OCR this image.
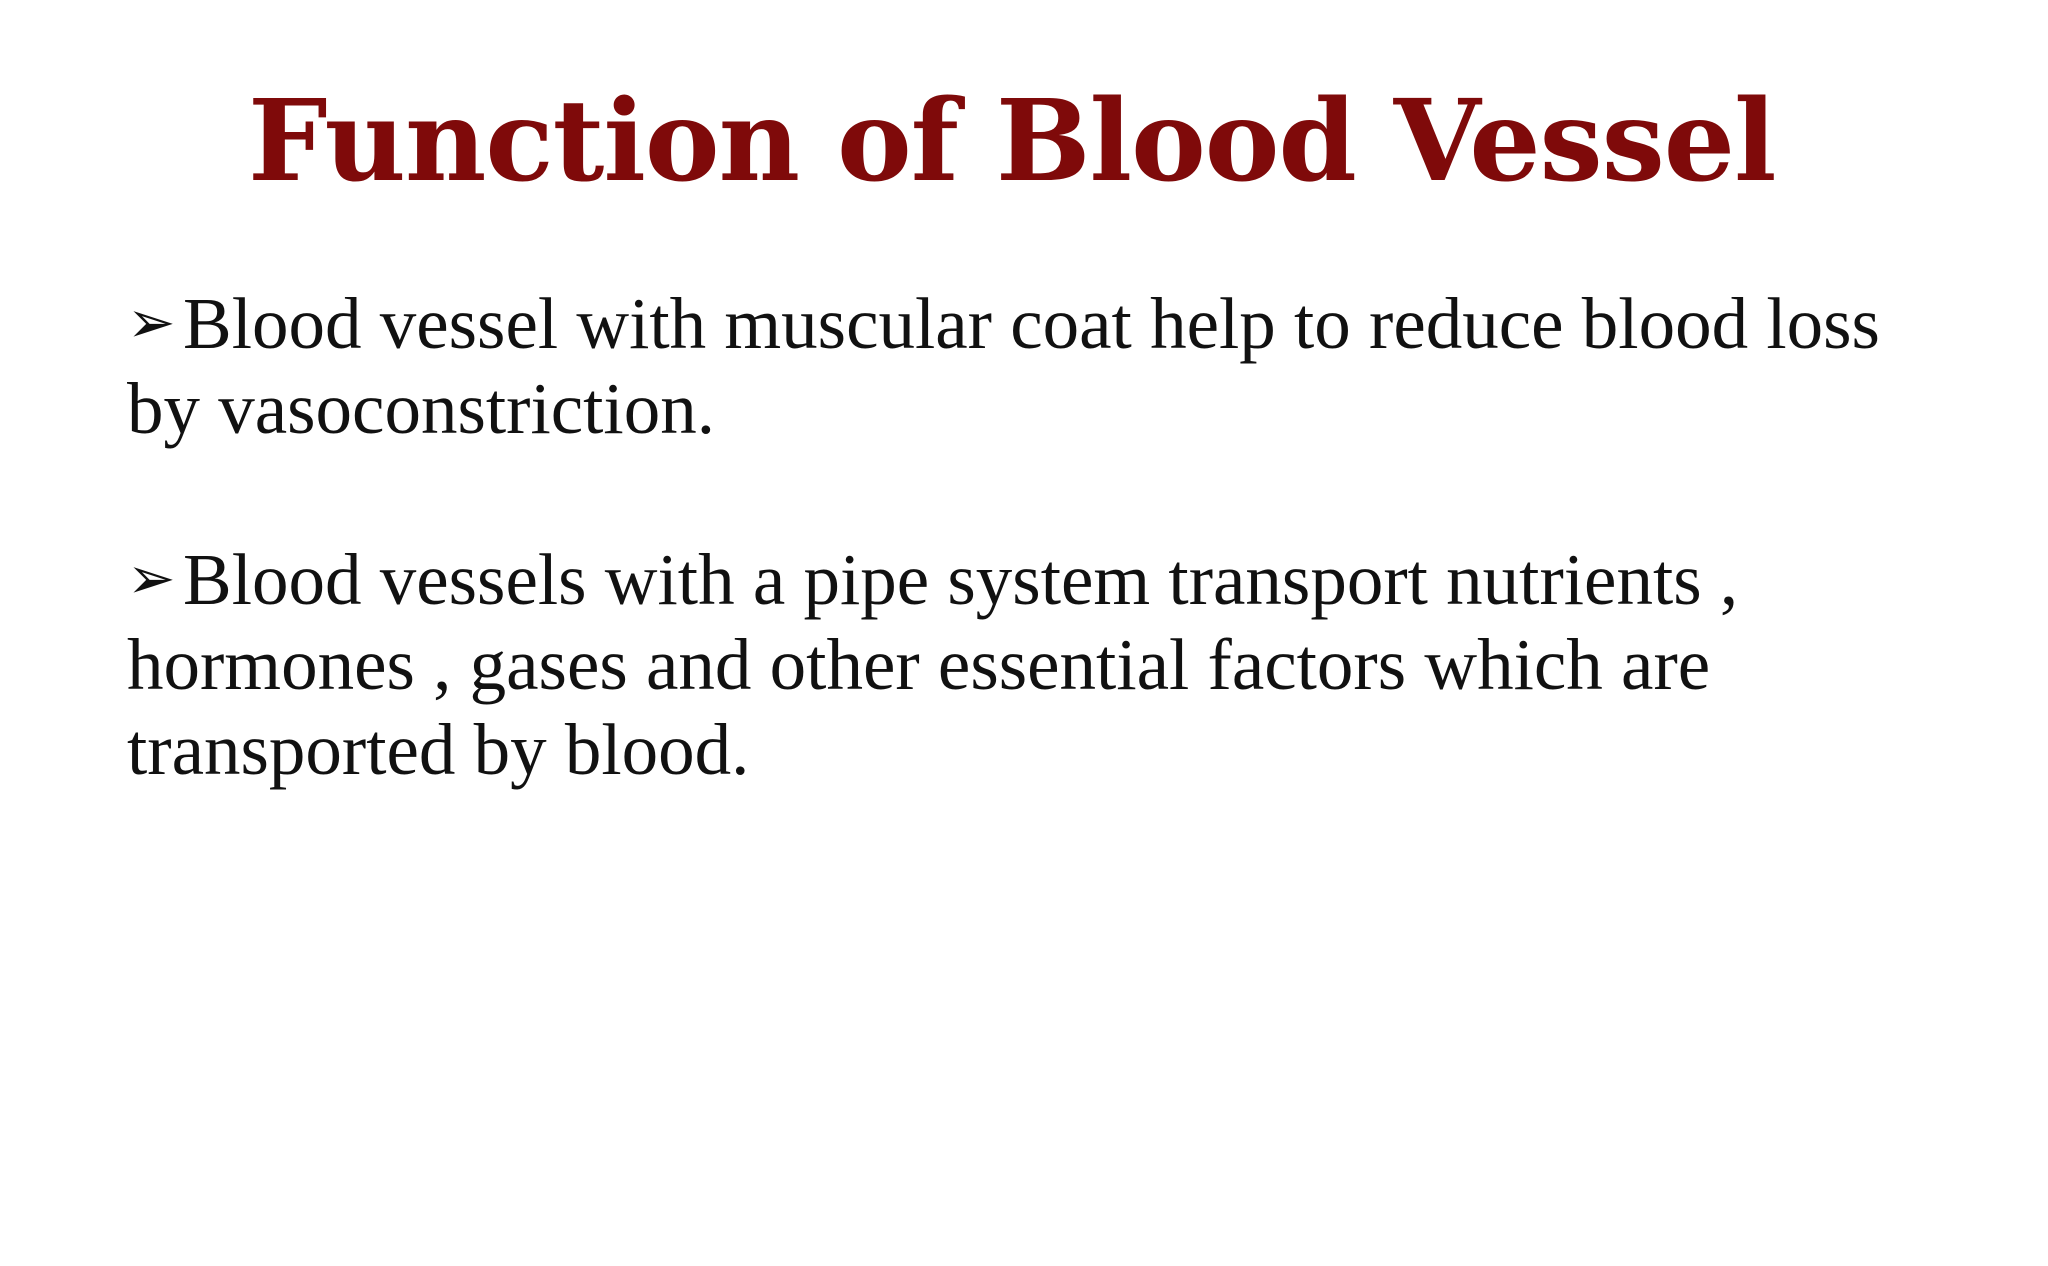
Function of Blood Vessel
➢ Blood vessel with muscular coat help to reduce blood loss by vasoconstriction.
➢ Blood vessels with a pipe system transport nutrients , hormones , gases and other essential factors which are transported by blood.
